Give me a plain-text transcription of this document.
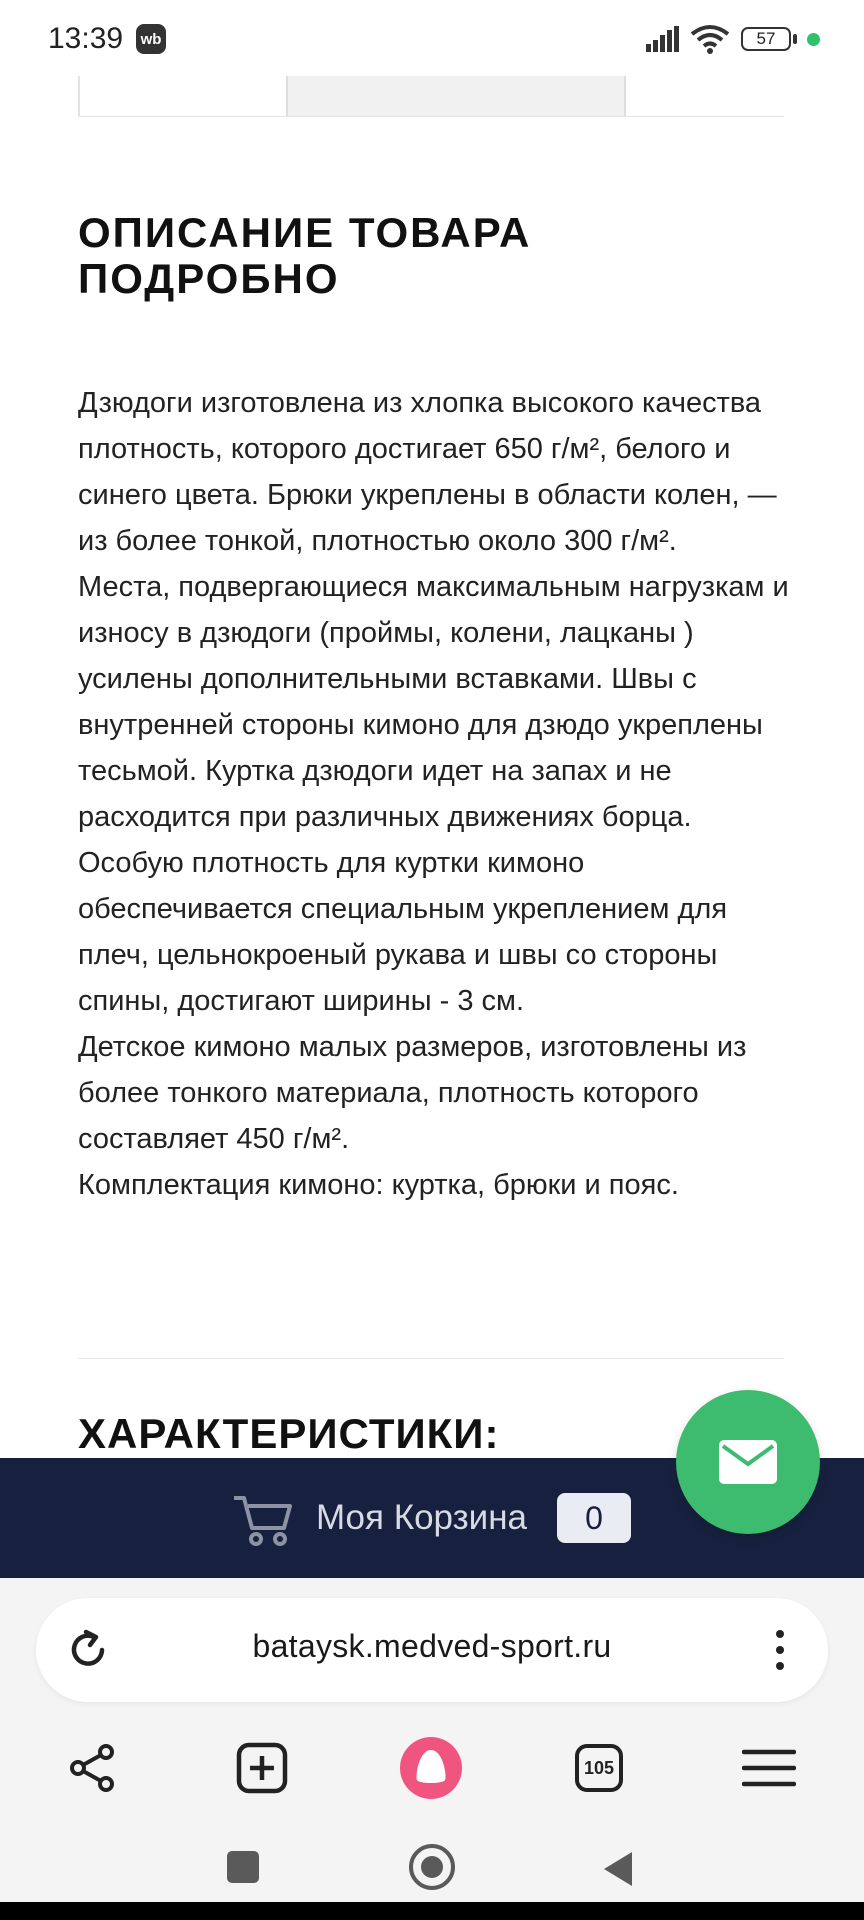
13:39	wb	57
ОПИСАНИЕ ТОВАРА ПОДРОБНО

Дзюдоги изготовлена из хлопка высокого качества плотность, которого достигает 650 г/м², белого и синего цвета. Брюки укреплены в области колен, — из более тонкой, плотностью около 300 г/м².

Места, подвергающиеся максимальным нагрузкам и износу в дзюдоги (проймы, колени, лацканы ) усилены дополнительными вставками. Швы с внутренней стороны кимоно для дзюдо укреплены тесьмой. Куртка дзюдоги идет на запах и не расходится при различных движениях борца. Особую плотность для куртки кимоно обеспечивается специальным укреплением для плеч, цельнокроеный рукава и швы со стороны спины, достигают ширины - 3 см.

Детское кимоно малых размеров, изготовлены из более тонкого материала, плотность которого составляет 450 г/м².

Комплектация кимоно: куртка, брюки и пояс.

ХАРАКТЕРИСТИКИ:
Моя Корзина	0
bataysk.medved-sport.ru
105
